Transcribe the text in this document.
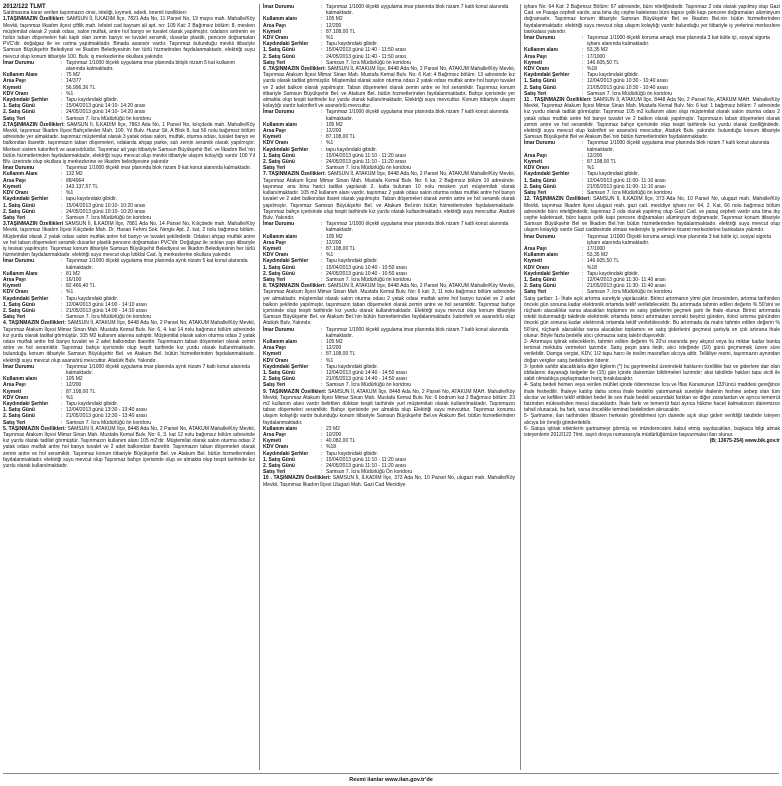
2012/122 TLMT

Satılmasına karar verilen taşınmazın cinsi, niteliği, kıymeti, adedi, önemli özellikleri:

1.TAŞINMAZIN Özellikleri: SAMSUN İl, İLKADIM İlçe, 7821 Ada No, 11 Parsel No, 19 mayıs mah. Mahalle/Köy Mevkii, taşınmaz ilkadım ilçesi çiftlik mah. lefatet cad bayram ali apt. no: 109 Kat: 2 Bağımsız bölüm: 8, mesken müştemilat olarak 2 yatak odası, salon mutfak, antre hol banyo ve tuvalet olarak yapılmıştır, odaların antrenin ve holün taban döşemeleri halı kaplı olan zemin banyo ve tuvalet seramik, duvarlar plastik, pencere doğramaları PVC'dir. doğalgaz ile ve ısıtma yapılmaktadır. Binada asansör vardır. Taşınmaz bulunduğu mevkii itibariyle Samsun Büyükşehir Belediyesi ve İlkadım Belediyesinin her türlü hizmetinden faydalanmaktadır, elektriği suyu mevcut olup konum itibariyle 100. Bulv. iş merkezlerine okullara yakındır.

İmar Durumu	: Taşınmaz 1/1000 ölçekli uygulama imar planında bitişik nizam 5 kat kullanım alanında kalmaktadır.
Kullanım Alanı	: 75 M2
Arsa Payı	: 14/377
Kıymeti	: 56.996,36 TL
KDV Oranı	: %1
Kaydındaki Şerhler	: Tapu kaydındaki gibidir.
1. Satış Günü	: 15/04/2013 günü 14:10- 14:20 arası
2. Satış Günü	: 24/05/2013 günü 14:10- 14:20 arası
Satış Yeri	: Samsun 7. İcra Müdürlüğü ön koridoru

2.TAŞINMAZIN Özellikleri: SAMSUN İl, İLKADIM İlçe, 7863 Ada No, 1 Parsel No, kılıçdede mah. Mahalle/Köy Mevkii, taşınmaz İlkadım İlçesi Bahçelievler Mah. 100. Yıl Bulv. Huzur Sit. A Blok 8. kat 56 nolu bağımsız bölüm adresinde yer almaktadır. taşınmaz müştemilat olarak 3 yatak odası salon, mutfak, oturma odası, tuvalet banyo ve balkondan ibarettir. taşınmazın taban döşemeleri, odalarda ahşap parke, salı zemin seramik olarak yapılmıştır. Merkezi sistem kaloriferli ve asansörlüdür. Taşınmaz ait yapı itibariyle Samsun Büyükşehir Bel. ve İlkadım Bel.'nin bütün hizmetlerinden faydalanmaktadır, elektriği suyu mevcut olup mevkii itibariyle ulaşım kolaylığı vardır 100 Yıl Blv. üzerinde olup okullara iş merkezlerine ve ilkadım belediyesine yakındır

İmar Durumu	: Taşınmaz 1/1000 ölçekli imar planında blok nizam 9 kat konut alanında kalmaktadır.
Kullanım Alanı	: 132 M2
Arsa Payı	: 88/4964
Kıymeti	: 143.137,57 TL
KDV Oranı	: %1
Kaydındaki Şerhler	: tapu kaydındaki gibidir.
1. Satış Günü	: 15/04/2013 günü 10:10- 10:20 arası
2. Satış Günü	: 24/05/2013 günü 10:10- 10:20 arası
Satış Yeri	: Samsun 7. İcra Müdürlüğü ön koridoru

3.TAŞINMAZIN Özellikleri SAMSUN İl, İLKADIM İlçe, 7881 Ada No, 14 Parsel No, Kılıçdede mah. Mahalle/Köy Mevkii, taşınmaz İlkadım İlçesi Kılıçdede Mah. Dr. Hasan Fehmi Sok. Nergis Apt. 2. kat, 2 nolu bağımsız bölüm. Müştemilat olarak 2 yatak odası salon mutfak antre hol banyo ve tuvalet şeklindedir. Odaları ahşap mutfak antre ve hol taban döşemeleri seramik duvarlar plastik pencere doğramaları PVC'dir. Doğalgaz ile ısıtılan yapı itibariyle iş tesisat yapılmıştır. Taşınmaz konum itibariyle Samsun Büyükşehir Belediyesi ve İlkadım Belediyesinin her türlü hizmetinden faydalanmaktadır. elektriği suyu mevcut olup İstiklal Cad. İş merkezlerine okullara yakındır.

İmar Durumu	: Taşınmaz 1/1000 ölçekli uygulama imar planında ayrık nizam 5 kat konut alanında kalmaktadır.
Kullanım Alanı	: 81 M2
Arsa Payı	: 16/100
Kıymeti	: 82.466,40 TL
KDV Oranı	: %1
Kaydındaki Şerhler	: Tapu kaydındaki gibidir.
1. Satış Günü	: 12/04/2013 günü 14:00 - 14:10 arası
2. Satış Günü	: 21/05/2013 günü 14:00 - 14:10 arası
Satış Yeri	: Samsun 7. İcra Müdürlüğü ön koridoru

4. TAŞINMAZIN Özellikleri: SAMSUN İl, ATAKUM İlçe, 8448 Ada No, 2 Parsel No, ATAKUM Mahalle/Köy Mevkii, Taşınmaz Atakum İlçesi Mimar Sinan Mah. Mustafa Kemal Bulv. No: 6, 4. kat 14 nolu bağımsız bölüm adresinde kız yurdu olarak tadilat görmüştür. 105 M2 kullanım alanına sahiptir. Müştemilat olarak salon oturma odası 2 yatak odası mutfak antre hol banyo tuvalet ve 2 adet balkondan ibarettir. Taşınmazın taban döşemeleri olarak zemin antre ve hol seramiktir. Taşınmaz bahçe içerisinde olup tespit tarihinde kız yurdu olarak kullanılmaktadır. bulunduğu konum itibariyle Samsun Büyükşehir Bel. ve Atakum Bel. bütün hizmetlerinden faydalanmaktadır. elektriği suyu mevcut olup asansörü mevcuttur. Atatürk Bulv. Yakındır.

İmar Durumu	: Taşınmaz 1/1000 ölçekli uygulama imar planında ayrık nizam 7 katlı konut alanında kalmaktadır.
Kullanım alanı	: 105 M2
Arsa Payı	: 12/200
Kıymeti	: 87.108,00 TL
KDV Oranı	: %1
Kaydındaki Şerhler	: Tapu kaydındaki gibidir.
1. Satış Günü	: 12/04/2013 günü 13:30 - 13:40 arası
2. Satış Günü	: 21/05/2013 günü 13:30 - 13:40 arası
Satış Yeri	: Samsun 7. İcra Müdürlüğü ön koridoru

5. TAŞINMAZIN Özellikleri: SAMSUN İl, ATAKUM İlçe, 8448 Ada No, 2 Parsel No, ATAKUM Mahalle/Köy Mevkii, Taşınmaz Atakum İlçesi Mimar Sinan Mah. Mustafa Kemal Bulv. No: 6, 3. kat 12 nolu bağımsız bölüm adresinde kız yurdu olarak tadilat görmüştür. Taşınmazın kullanım alanı 105 m2'dir. Müştemilat olarak salon oturma odası 2 yatak odası mutfak antre hol banyo tuvalet ve 2 adet balkondan ibarettir. Taşınmazın taban döşemeleri olarak zemin antre ve hol seramiktir. Taşınmaz konum itibariyle Büyükşehir Bel. ve Atakum Bel. bütün hizmetlerinden faydalanmaktadır. elektriği suyu mevcut olup Taşınmaz bahçe içerisinde olup ve almakta olup tespit tarihinde kız yurdu olarak kullanılmaktadır.

İmar Durumu	: Taşınmaz 1/1000 ölçekli uygulama imar planında blok nizam 7 katlı konut alanında kalmaktadır.
Kullanım alanı	: 105 M2
Arsa Payı	: 12/200
Kıymeti	: 87.108,00 TL
KDV Oranı	: %1
Kaydındaki Şerhler	: Tapu kaydındaki gibidir.
1. Satış Günü	: 15/04/2013 günü 11:40 - 11:50 arası
2. Satış Günü	: 24/05/2013 günü 11:40 - 11:50 arası
Satış Yeri	: Samsun 7. İcra Müdürlüğü ön koridoru

6 .TAŞINMAZIN Özellikleri: SAMSUN İl, ATAKUM İlçe, 8448 Ada No, 2 Parsel No, ATAKUM Mahalle/Köy Mevkii, Taşınmaz Atakum İlçesi Mimar Sinan Mah. Mustafa Kemal Bulv. No: 6 Kat: 4 Bağımsız bölüm: 13 adresinde kız yurdu olarak tadilat görmüştür. Müştemilat olarak salon oturma odası 2 yatak odası mutfak antre hol banyo tuvalet ve 2 adet balkon olarak yapılmıştır. Taban döşemeleri olarak zemin antre ve hol seramiktir. Taşınmaz konum itibariyle Samsun Büyükşehir Bel. ve Atakum Bel. bütün hizmetlerinden faydalanmaktadır. Bahçe içerisinde yer almakta olup tespit tarihinde kız yurdu olarak kullanılmaktadır. Elektriği suyu mevcuttur. Konum itibariyle ulaşım kolaylığı vardır kaloriferli ve asansörlü mevcuttur.

İmar Durumu	: Taşınmaz 1/1000 ölçekli uygulama imar planında blok nizam 7 katlı konut alanında kalmaktadır.
Kullanım alanı	: 105 M2
Arsa Payı	: 12/200
Kıymeti	: 87.108,00 TL
KDV Oranı	: %1
Kaydındaki Şerhler	: tapu kaydındaki gibidir.
1. Satış Günü	: 15/04/2013 günü 11:10 - 11:20 arası
2. Satış Günü	: 24/05/2013 günü 11:10 - 11:20 arası
Satış Yeri	: Samsun 7. İcra Müdürlüğü ön koridoru

7. TAŞINMAZIN Özellikleri: SAMSUN İl, ATAKUM İlçe, 8448 Ada No, 2 Parsel No, ATAKUM Mahalle/Köy Mevkii, Taşınmaz Atakum İlçesi Mimar Sinan Mah. Mustafa Kemal Bulv. No: 6 ka: 2 Bağımsız bölüm 10 adresinde. taşınmaz ana bina harici tadilat yapılarak 2. katta bulunan 10 nolu mesken yurt müştemilatı olarak kullanılmaktadır. 105 m2 kullanım alanı vardır, taşınmaz 2 yatak odası salon oturma odası mutfak antre hol banyo tuvalet ve 2 adet balkondan ibaret olarak yapılmıştır. Taban döşemeleri olarak zemin antre ve hol seramik olarak yapılmıştır. Taşınmaz Samsun Büyükşehir Bel. ve Atakum Bel.inin bütün hizmetlerinden faydalanmaktadır. Taşınmaz bahçe içerisinde olup tespit tarihinde kız yurdu olarak kullanılmaktadır. elektriği suyu mevcuttur. Atatürk Bulv. Yakındır.

İmar Durumu	: Taşınmaz 1/1000 ölçekli uygulama imar planında blok nizam 7 katlı konut alanında kalmaktadır.
Kullanım alanı	: 105 M2
Arsa Payı	: 12/200
Kıymeti	: 87.108,00 TL
KDV Oranı	: %1
Kaydındaki Şerhler	: Tapu kaydındaki gibidir.
1. Satış Günü	: 15/04/2013 günü 10:40 - 10:50 arası
2. Satış Günü	: 24/05/2013 günü 10:40 - 10:50 arası
Satış Yeri	: Samsun 7. İcra Müdürlüğü ön koridoru

8. TAŞINMAZIN Özellikleri: SAMSUN İl, ATAKUM İlçe, 8448 Ada No, 2 Parsel No, ATAKUM Mahalle/Köy Mevkii, Taşınmaz Atakum İlçesi Mimar Sinan Mah. Mustafa Kemal Bulv. No: 6 kat: 3, 11 nolu bağımsız bölüm adresinde yer almaktadır. müştemilat olarak salon oturma odası 2 yatak odası mutfak antre hol banyo tuvalet ve 2 adet balkon şeklinde yapılmıştır. taşınmazın taban döşemeleri olarak zemin antre ve hol seramiktir. Taşınmaz bahçe içerisinde olup tespit tarihinde kız yurdu olarak kullanılmaktadır. Elektriği suyu mevcut olup konum itibariyle Samsun Büyükşehir Bel. ve Atakum Bel.'nin bütün hizmetlerinden faydalanmaktadır. kaloriferli ve asansörlü olup Atatürk Bulv. Yakındır.

İmar Durumu	: Taşınmaz 1/1000 ölçekli uygulama imar planında blok nizam 7 katlı konut alanında kalmaktadır.
Kullanım alanı	: 105 M2
Arsa Payı	: 12/200
Kıymeti	: 87.108,00 TL
KDV Oranı	: %1
Kaydındaki Şerhler	: Tapu kaydındaki gibidir.
1. Satış Günü	: 12/04/2013 günü 14:40 - 14:50 arası
2. Satış Günü	: 21/05/2013 günü 14:40 - 14:50 arası
Satış Yeri	: Samsun 7. İcra Müdürlüğü ön koridoru

9. TAŞINMAZIN Özellikleri: SAMSUN İl, ATAKUM İlçe, 8448 Ada No, 2 Parsel No, ATAKUM MAH. Mahalle/Köy Mevkii, Taşınmaz Atakum İlçesi Mimar Sinan Mah. Mustafa Kemal Bulv. No: 6 bodrum kat 2 Bağımsız bölüm: 23 m2 kullanım alanı vardır belirtilen dükkan tespit tarihinde yurt müştemilatı olarak kullanılmaktadır. Taşınmazın taban döşemeleri seramiktir. Bahçe içerisinde yer almakta olup Elektriği suyu mevcuttur. Taşınmaz konumu ulaşım kolaylığı vardır bulunduğu konum itibariyle Samsun Büyükşehir Bel.ve Atakum Bel. bütün hizmetlerinden faydalanmaktadır.

Kullanım alanı	: 23 M2
Arsa Payı	: 10/200
Kıymeti	: 40.082,00 TL
KDV Oranı	: %18
Kaydındaki Şerhler	: Tapu kaydındaki gibidir.
1. Satış Günü	: 15/04/2013 günü 11:10 - 11:20 arası
2. Satış Günü	: 24/05/2013 günü 11:10 - 11:20 arası
Satış Yeri	: Samsun 7. İcra Müdürlüğü Ön koridoru

10 . TAŞINMAZIN Özellikleri: SAMSUN İl, İLKADIM İlçe, 373 Ada No, 10 Parsel No, ulugazi mah. Mahalle/Köy Mevkii, Taşınmaz İlkadım İlçesi Ulugazi Mah. Gazi Cad Mecidiye

işhanı No: 64 Kat: 2 Bağımsız Bölüm: 67 adresinde, büro niteliğindedir. Taşınmaz 2 oda olarak yapılmış olup Gazi Cad. ve Pasaja cepheli vardır, ana bina dış cephe kaleterası büro kapısı çelik kapı pencere doğramaları alüminyum doğramadır. Taşınmaz konum itibariyle Samsun Büyükşehir Bel ve İlkadım Bel.nin bütün hizmetlerinden faydalanmaktadır. elektriği suyu mevcut olup ulaşım kolaylığı vardır bulunduğu yer itibariyle iş yerlerine merkezlere bankalara yakındır.

İmar Durumu	: Taşınmaz 1/1000 ölçekli koruma amaçlı imar planında 3 kat kütle içi, sosyal sigorta işhanı alanında kalmaktadır.
Kullanım alanı	: 53,35 M2
Arsa Payı	: 17/1000
Kıymeti	: 146.605,50 TL
KDV Oranı	: %18
Kaydındaki Şerhler	: Tapu kaydındaki gibidir.
1. Satış Günü	: 12/04/2013 günü 10:30 - 10:40 arası
2. Satış Günü	: 21/05/2013 günü 10:30 - 10:40 arası
Satış Yeri	: Samsun 7. İcra Müdürlüğü ön koridoru

11 . TAŞINMAZIN Özellikleri: SAMSUN İl, ATAKUM İlçe, 8448 Ada No, 2 Parsel No, ATAKUM MAH. Mahalle/Köy Mevkii, Taşınmaz Atakum İlçesi Mimar Sinan Mah. Mustafa Kemal Bulv. No: 6 kat: 1 bağımsız bölüm: 7 adresinde kız yurdu olarak tadilat görmüştür. Taşınmaz 105 m2 kullanım alanı olup müştemilat olarak salon oturma odası 2 yatak odası mutfak antre hol banyo tuvalet ve 2 balkon olarak yapılmıştır. Taşınmazın taban döşemeleri olarak zemin antre ve hol seramiktir. Taşınmaz bahçe içerisinde olup tespit tarihinde kız yurdu olarak özelliğindedir. elektriği suyu mevcut olup kaloriferi ve asansörü mevcuttur, Atatürk Bulv. yakındır. bulunduğu konum itibariyle Samsun Büyükşehir Bel ve Atakum Bel.'nin bütün hizmetlerinden faydalanmaktadır.

İmar Durumu	: Taşınmaz 1/1000 ölçekli uygulama imar planında blok nizam 7 katlı konut alanında kalmaktadır.
Arsa Payı	: 12/200
Kıymeti	: 87.108,00 TL
KDV Oranı	: %1
Kaydındaki Şerhler	: Tapu kaydındaki gibidir.
1. Satış Günü	: 12/04/2013 günü 11:00- 11:10 arası
2. Satış Günü	: 21/05/2013 günü 11:00- 11:10 arası
Satış Yeri	: Samsun 7. İcra Müdürlüğü ön koridoru

12. TAŞINMAZIN Özellikleri: SAMSUN İl, İLKADIM İlçe, 373 Ada No, 10 Parsel No, ulugazi mah. Mahalle/Köy Mevkii, taşınmaz İlkadım ilçesi ulugazi mah. gazi cad. mecidiye işhanı no: 64, 2. Kat, 66 nolu bağımsız bölüm adresinde büro niteliğindedir, taşınmaz 2 oda olarak yapılmış olup Gazi Cad. ve pasaj cepheli vardır ana bina dış cephe kaleterasit, büro kapısı çelik kapı pencere doğramaları alüminyum doğramadır. Taşınmaz konum itibariyle Samsun Büyükşehir Bel ve İlkadım Bel.'nin bütün hizmetlerinden faydalanmaktadır. elektriği suyu mevcut olup ulaşım kolaylığı vardır Gazi caddesinde olması nedeniyle iş yerlerine ticaret merkezlerine bankalara yakındır.

İmar Durumu	: Taşınmaz 1/1000 Ölçekli koruma amaçlı imar planında 3 kat kütle içi, sosyal sigorta işhanı alanında kalmaktadır.
Arsa Payı	: 17/1000
Kullanım alanı	: 53,35 M2
Kıymeti	: 146.605,50 TL
KDV Oranı	: %18
Kaydındaki Şerhler	: Tapu kaydındaki gibidir.
1. Satış Günü	: 12/04/2013 günü 11:30- 11:40 arası
2. Satış Günü	: 21/05/2013 günü 11:30- 11:40 arası
Satış Yeri	: Samsun 7. İcra Müdürlüğü ön koridoru

Satış şartları: 1- İhale açık artırma suretiyle yapılacaktır. Birinci artırmanın yirmi gün öncesinden, artırma tarihinden önceki gün sonuna kadar elektronik ortamda teklif verilebilecektir. Bu artırmada tahmin edilen değerin % 50'sini ve rüçhanlı alacaklılar varsa alacakları toplamını ve satış giderlerini geçmek şartı ile ihale olunur. Birinci artırmada istekli bulunmadığı takdirde elektronik ortamda birinci artırmadan sonraki beşinci günden, ikinci artırma gününden önceki gün sonuna kadar elektronik ortamda teklif verilebilecektir. Bu artırmada da malın tahmin edilen değerin % 50'sini, rüçhanlı alacaklılar varsa alacakları toplamını ve satış giderlerini geçmesi şartıyla en çok artırana ihale olunur. Böyle fazla bedelle alıcı çıkmazsa satış talebi düşecektir.

2- Artırmaya iştirak edeceklerin, tahmin edilen değerin % 20'si oranında pey akçesi veya bu miktar kadar banka teminat mektubu vermeleri lazımdır. Satış peşin para iledir, alıcı isteğinde (10) günü geçmemek üzere süre verilebilir. Damga vergisi, KDV, 1/2 tapu harcı ile teslim masrafları alıcıya aittir. Tellâliye resmi, taşınmazın aynından doğan vergiler satış bedelinden ödenir.

3- İpotek sahibi alacaklılarla diğer ilgilerin (*) bu gayrimenkul üzerindeki haklarını özellikle faiz ve giderlere dair olan iddialarını dayanağı belgeler ile (15) gün içinde dairemize bildirmeleri lazımdır; aksi takdirde hakları tapu sicili ile sabit olmadıkça paylaşmadan hariç bırakılacaktır.

4- Satış bedeli hemen veya verilen mühlet içinde ödenmezse İcra ve İflas Kanununun 133'üncü maddesi gereğince ihale feshedilir. İhaleye katılıp daha sonra ihale bedelini yatırmamak suretiyle ihalenin feshine sebep olan tüm alıcılar ve kefilleri teklif ettikleri bedel ile son ihale bedeli arasındaki farktan ve diğer zararlardan ve ayrıca temerrüt faizinden müteselsilen mesul olacaklardır. İhale farkı ve temerrüt faizi ayrıca hükme hacet kalmaksızın dairemizce tahsil olunacak, bu fark, varsa öncelikle teminat bedelinden alınacaktır.

5- Şartname, ilan tarihinden itibaren herkesin görebilmesi için dairede açık olup gideri verildiği takdirde isteyen alıcıya bir örneği gönderilebilir.

6- Satışa iştirak edenlerin şartnameyi görmüş ve münderecatını kabul etmiş sayılacakları, başkaca bilgi almak isteyenlerin 2012/122 Tlmt. sayılı dosya numarasıyla müdürlüğümüze başvurmaları ilan olunur.

(B; 13675-254) www.bik.gov.tr
Resmi ilanlar www.ilan.gov.tr'de
